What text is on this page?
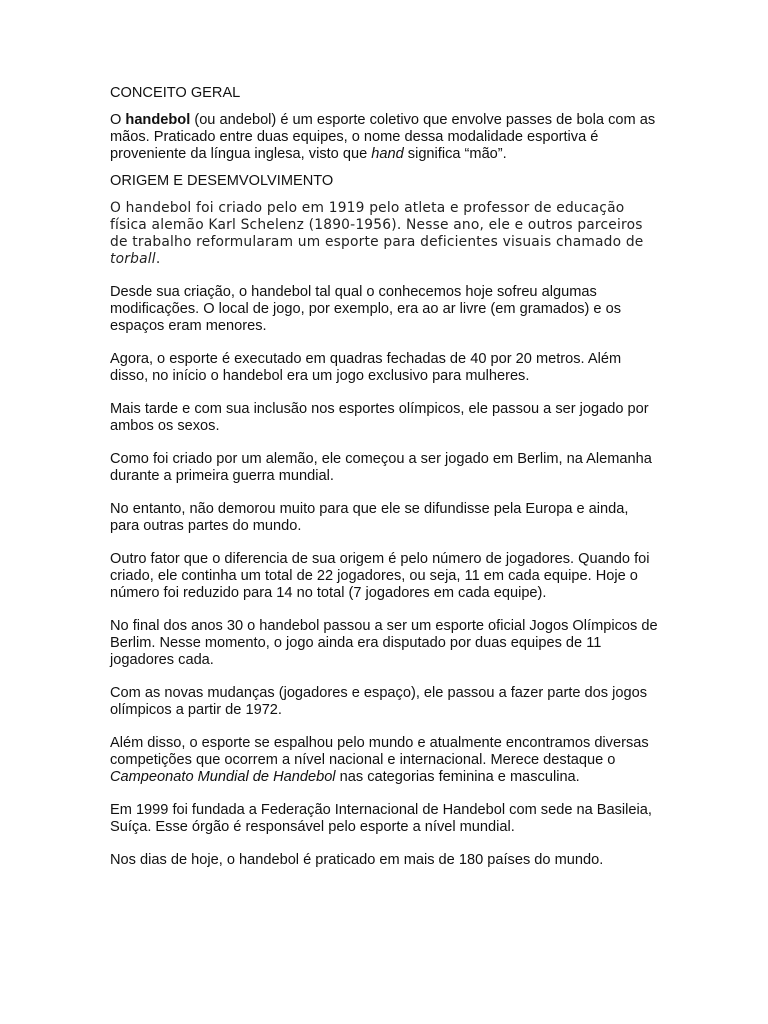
CONCEITO GERAL

O handebol (ou andebol) é um esporte coletivo que envolve passes de bola com as mãos. Praticado entre duas equipes, o nome dessa modalidade esportiva é proveniente da língua inglesa, visto que hand significa “mão”.

ORIGEM E DESEMVOLVIMENTO

O handebol foi criado pelo em 1919 pelo atleta e professor de educação física alemão Karl Schelenz (1890-1956). Nesse ano, ele e outros parceiros de trabalho reformularam um esporte para deficientes visuais chamado de torball.

Desde sua criação, o handebol tal qual o conhecemos hoje sofreu algumas modificações. O local de jogo, por exemplo, era ao ar livre (em gramados) e os espaços eram menores.

Agora, o esporte é executado em quadras fechadas de 40 por 20 metros. Além disso, no início o handebol era um jogo exclusivo para mulheres.

Mais tarde e com sua inclusão nos esportes olímpicos, ele passou a ser jogado por ambos os sexos.

Como foi criado por um alemão, ele começou a ser jogado em Berlim, na Alemanha durante a primeira guerra mundial.

No entanto, não demorou muito para que ele se difundisse pela Europa e ainda, para outras partes do mundo.

Outro fator que o diferencia de sua origem é pelo número de jogadores. Quando foi criado, ele continha um total de 22 jogadores, ou seja, 11 em cada equipe. Hoje o número foi reduzido para 14 no total (7 jogadores em cada equipe).

No final dos anos 30 o handebol passou a ser um esporte oficial Jogos Olímpicos de Berlim. Nesse momento, o jogo ainda era disputado por duas equipes de 11 jogadores cada.

Com as novas mudanças (jogadores e espaço), ele passou a fazer parte dos jogos olímpicos a partir de 1972.

Além disso, o esporte se espalhou pelo mundo e atualmente encontramos diversas competições que ocorrem a nível nacional e internacional. Merece destaque o Campeonato Mundial de Handebol nas categorias feminina e masculina.

Em 1999 foi fundada a Federação Internacional de Handebol com sede na Basileia, Suíça. Esse órgão é responsável pelo esporte a nível mundial.

Nos dias de hoje, o handebol é praticado em mais de 180 países do mundo.
